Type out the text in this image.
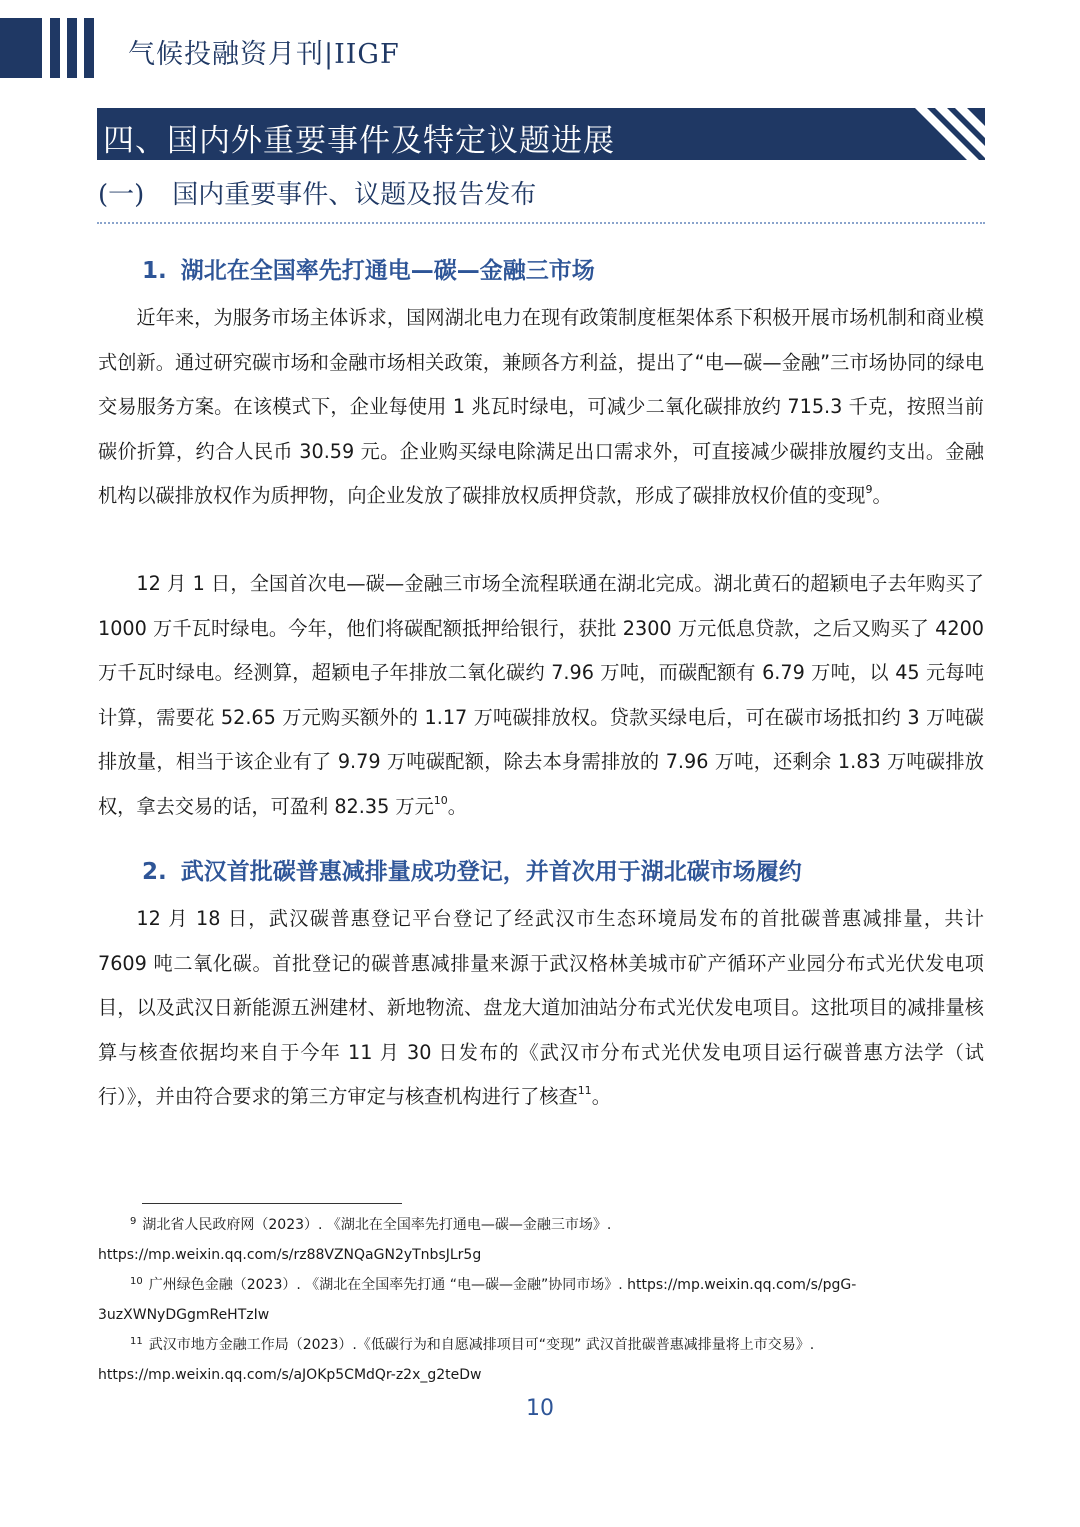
气候投融资月刊|IIGF
四、国内外重要事件及特定议题进展
(一) 国内重要事件、议题及报告发布
1. 湖北在全国率先打通电—碳—金融三市场
近年来，为服务市场主体诉求，国网湖北电力在现有政策制度框架体系下积极开展市场机制和商业模式创新。通过研究碳市场和金融市场相关政策，兼顾各方利益，提出了“电—碳—金融”三市场协同的绿电交易服务方案。在该模式下，企业每使用 1 兆瓦时绿电，可减少二氧化碳排放约 715.3 千克，按照当前碳价折算，约合人民币 30.59 元。企业购买绿电除满足出口需求外，可直接减少碳排放履约支出。金融机构以碳排放权作为质押物，向企业发放了碳排放权质押贷款，形成了碳排放权价值的变现$^9$。
12 月 1 日，全国首次电—碳—金融三市场全流程联通在湖北完成。湖北黄石的超颖电子去年购买了 1000 万千瓦时绿电。今年，他们将碳配额抵押给银行，获批 2300 万元低息贷款，之后又购买了 4200 万千瓦时绿电。经测算，超颖电子年排放二氧化碳约 7.96 万吨，而碳配额有 6.79 万吨，以 45 元每吨计算，需要花 52.65 万元购买额外的 1.17 万吨碳排放权。贷款买绿电后，可在碳市场抵扣约 3 万吨碳排放量，相当于该企业有了 9.79 万吨碳配额，除去本身需排放的 7.96 万吨，还剩余 1.83 万吨碳排放权，拿去交易的话，可盈利 82.35 万元$^{10}$。
2. 武汉首批碳普惠减排量成功登记，并首次用于湖北碳市场履约
12 月 18 日，武汉碳普惠登记平台登记了经武汉市生态环境局发布的首批碳普惠减排量，共计 7609 吨二氧化碳。首批登记的碳普惠减排量来源于武汉格林美城市矿产循环产业园分布式光伏发电项目，以及武汉日新能源五洲建材、新地物流、盘龙大道加油站分布式光伏发电项目。这批项目的减排量核算与核查依据均来自于今年 11 月 30 日发布的《武汉市分布式光伏发电项目运行碳普惠方法学（试行）》，并由符合要求的第三方审定与核查机构进行了核查$^{11}$。
$^9$ 湖北省人民政府网（2023）. 《湖北在全国率先打通电—碳—金融三市场》.
https://mp.weixin.qq.com/s/rz88VZNQaGN2yTnbsJLr5g
$^{10}$ 广州绿色金融（2023）. 《湖北在全国率先打通 “电—碳—金融”协同市场》. https://mp.weixin.qq.com/s/pgG-
3uzXWNyDGgmReHTzIw
$^{11}$ 武汉市地方金融工作局（2023）.《低碳行为和自愿减排项目可“变现” 武汉首批碳普惠减排量将上市交易》.
https://mp.weixin.qq.com/s/aJOKp5CMdQr-z2x_g2teDw
10
